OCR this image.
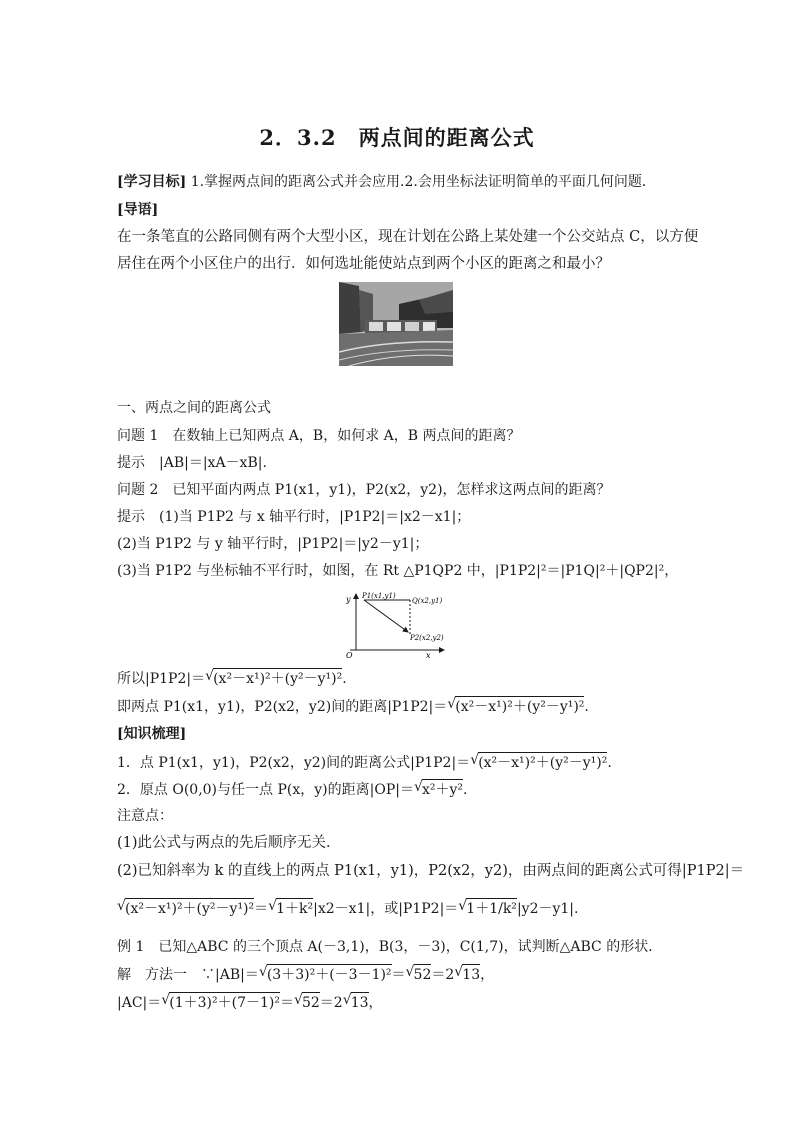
2．3.2　两点间的距离公式
[学习目标] 1.掌握两点间的距离公式并会应用.2.会用坐标法证明简单的平面几何问题．
[导语]
在一条笔直的公路同侧有两个大型小区，现在计划在公路上某处建一个公交站点 C，以方便
居住在两个小区住户的出行．如何选址能使站点到两个小区的距离之和最小？
一、两点之间的距离公式
问题 1　在数轴上已知两点 A，B，如何求 A，B 两点间的距离？
提示　|AB|＝|xA－xB|.
问题 2　已知平面内两点 P1(x1，y1)，P2(x2，y2)，怎样求这两点间的距离？
提示　(1)当 P1P2 与 x 轴平行时，|P1P2|＝|x2－x1|；
(2)当 P1P2 与 y 轴平行时，|P1P2|＝|y2－y1|；
(3)当 P1P2 与坐标轴不平行时，如图，在 Rt △P1QP2 中，|P1P2|²＝|P1Q|²＋|QP2|²，
y
x
O
P1(x1,y1)
Q(x2,y1)
P2(x2,y2)
所以|P1P2|＝ √ (x²－x¹)²＋(y²－y¹)².
即两点 P1(x1，y1)，P2(x2，y2)间的距离|P1P2|＝ √ (x²－x¹)²＋(y²－y¹)².
[知识梳理]
1．点 P1(x1，y1)，P2(x2，y2)间的距离公式|P1P2|＝ √ (x²－x¹)²＋(y²－y¹)².
2．原点 O(0,0)与任一点 P(x，y)的距离|OP|＝ √ x²＋y².
注意点：
(1)此公式与两点的先后顺序无关．
(2)已知斜率为 k 的直线上的两点 P1(x1，y1)，P2(x2，y2)，由两点间的距离公式可得|P1P2|＝
√ (x²－x¹)²＋(y²－y¹)²＝ √ 1＋k²|x2－x1|，或|P1P2|＝ √ 1＋1/k²|y2－y1|.
例 1　已知△ABC 的三个顶点 A(－3,1)，B(3，－3)，C(1,7)，试判断△ABC 的形状．
解　方法一　∵|AB|＝ √ (3＋3)²＋(－3－1)²＝ √ 52＝2 √ 13，
|AC|＝ √ (1＋3)²＋(7－1)²＝ √ 52＝2 √ 13，
